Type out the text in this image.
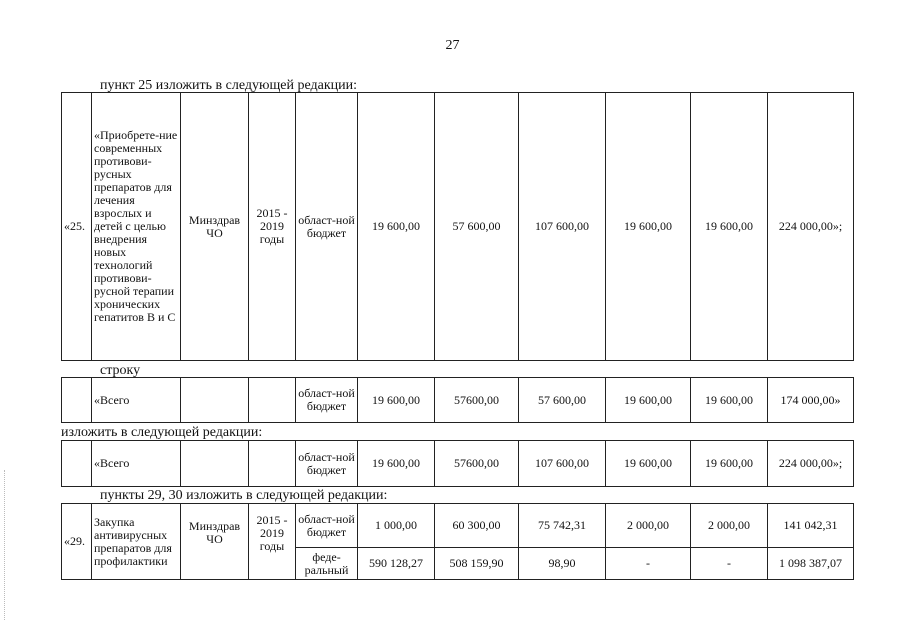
27
пункт 25 изложить в следующей редакции:
«25.	«Приобрете-ние современных противови-русных препаратов для лечения взрослых и детей с целью внедрения новых технологий противови-русной терапии хронических гепатитов В и С	Минздрав ЧО	2015 - 2019 годы	област-ной бюджет	19 600,00	57 600,00	107 600,00	19 600,00	19 600,00	224 000,00»;
строку
	«Всего			област-ной бюджет	19 600,00	57600,00	57 600,00	19 600,00	19 600,00	174 000,00»
изложить в следующей редакции:
	«Всего			област-ной бюджет	19 600,00	57600,00	107 600,00	19 600,00	19 600,00	224 000,00»;
пункты 29, 30 изложить в следующей редакции:
«29.	Закупка антивирусных препаратов для профилактики	Минздрав ЧО	2015 - 2019 годы	област-ной бюджет	1 000,00	60 300,00	75 742,31	2 000,00	2 000,00	141 042,31
				феде-ральный	590 128,27	508 159,90	98,90	-	-	1 098 387,07
